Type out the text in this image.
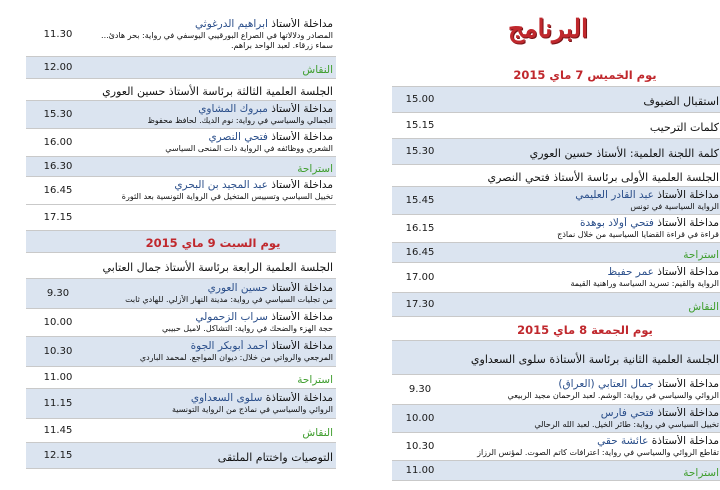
البرنامج
مداخلة الأستاذ ابراهيم الدرغوثي
المصادر ودلالاتها في الصراع البورقيبي اليوسفي في رواية: بحر هادئ...
سماء زرقاء. لعبد الواحد براهم.	11.30
النقاش	12.00
الجلسة العلمية الثالثة برئاسة الأستاذ حسين العوري	

مداخلة الأستاذ مبروك المشاوي
الجمالي والسياسي في رواية: نوم الديك. لحافظ محفوظ	15.30

مداخلة الأستاذ فتحي النصري
الشعري ووظائفه في الرواية ذات المنحى السياسي	16.00
استراحة	16.30

مداخلة الأستاذ عبد المجيد بن البحري
تخييل السياسي وتسييس المتخيل في الرواية التونسية بعد الثورة	16.45
	17.15
يوم السبت 9 ماي 2015	
الجلسة العلمية الرابعة برئاسة الأستاذ جمال العتابي	

مداخلة الأستاذ حسين العوري
من تجليات السياسي في رواية: مدينة النهار الأزلي. للهادي ثابت	9.30

مداخلة الأستاذ سراب الزحمولي
حجة الهزء والضحك في رواية: التشاكل. لاميل حبيبي	10.00

مداخلة الأستاذ أحمد أبوبكر الجوة
المرجعي والرواتي من خلال: ديوان المواجع. لمحمد الباردي	10.30
استراحة	11.00

مداخلة الأستاذة سلوى السعداوي
الروائي والسياسي في نماذج من الرواية التونسية	11.15
النقاش	11.45
التوصيات واختتام الملتقى	12.15
يوم الخميس 7 ماي 2015	
استقبال الضيوف	15.00
كلمات الترحيب	15.15
كلمة اللجنة العلمية: الأستاذ حسين العوري	15.30
الجلسة العلمية الأولى برئاسة الأستاذ فتحي النصري	

مداخلة الأستاذ عبد القادر العليمي
الرواية السياسية في تونس	15.45

مداخلة الأستاذ فتحي أولاد بوهدة
قراءة في قراءة القضايا السياسية من خلال نماذج	16.15
استراحة	16.45

مداخلة الأستاذ عمر حفيظ
الرواية والقيم: تسريد السياسة وراهنية القيمة	17.00
النقاش	17.30
يوم الجمعة 8 ماي 2015	
الجلسة العلمية الثانية برئاسة الأستاذة سلوى السعداوي	

مداخلة الأستاذ جمال العتابي (العراق)
الروائي والسياسي في رواية: الوشم. لعبد الرحمان مجيد الربيعي	9.30

مداخلة الأستاذ فتحي فارس
تخييل السياسي في رواية: طائر الخيل. لعبد الله الرحالي	10.00

مداخلة الأستاذة عائشة حقي
تقاطع الروائي والسياسي في رواية: اعترافات كاتم الصوت. لمؤنس الرزاز	10.30
استراحة	11.00
